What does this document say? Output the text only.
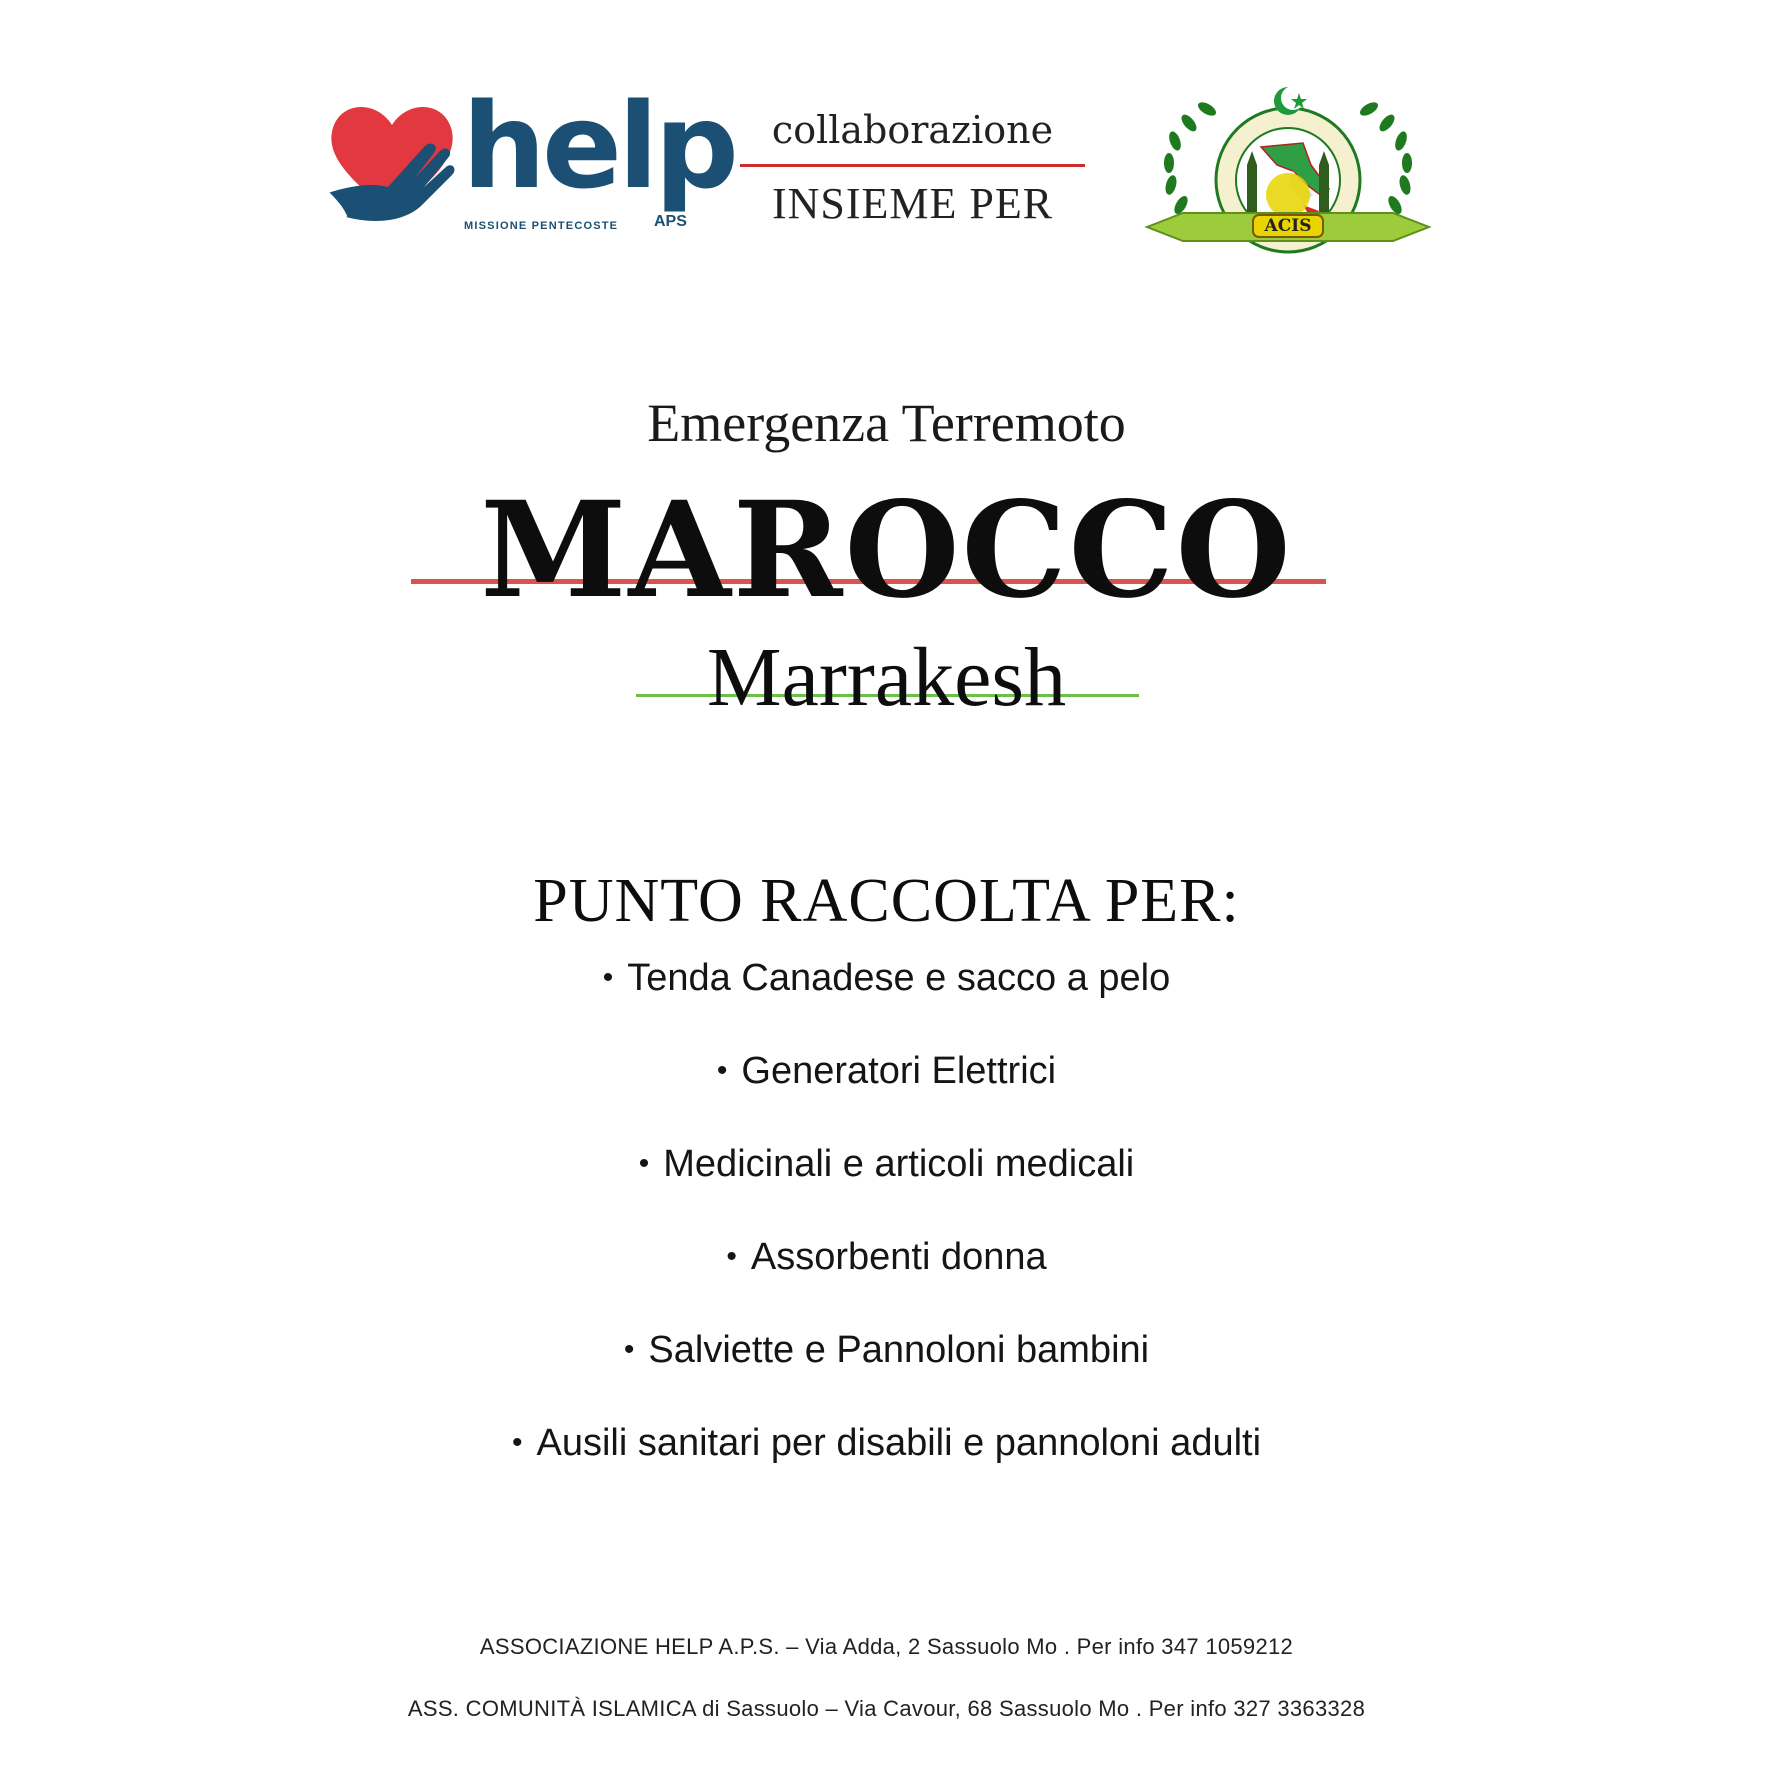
help
MISSIONE PENTECOSTE APS
collaborazione
INSIEME PER	ACIS
Emergenza Terremoto
MAROCCO
Marrakesh
PUNTO RACCOLTA PER:
• Tenda Canadese e sacco a pelo
• Generatori Elettrici
• Medicinali e articoli medicali
• Assorbenti donna
• Salviette e Pannoloni bambini
• Ausili sanitari per disabili e pannoloni adulti
ASSOCIAZIONE HELP A.P.S. – Via Adda, 2 Sassuolo Mo . Per info 347 1059212
ASS. COMUNITÀ ISLAMICA di Sassuolo – Via Cavour, 68 Sassuolo Mo . Per info 327 3363328
